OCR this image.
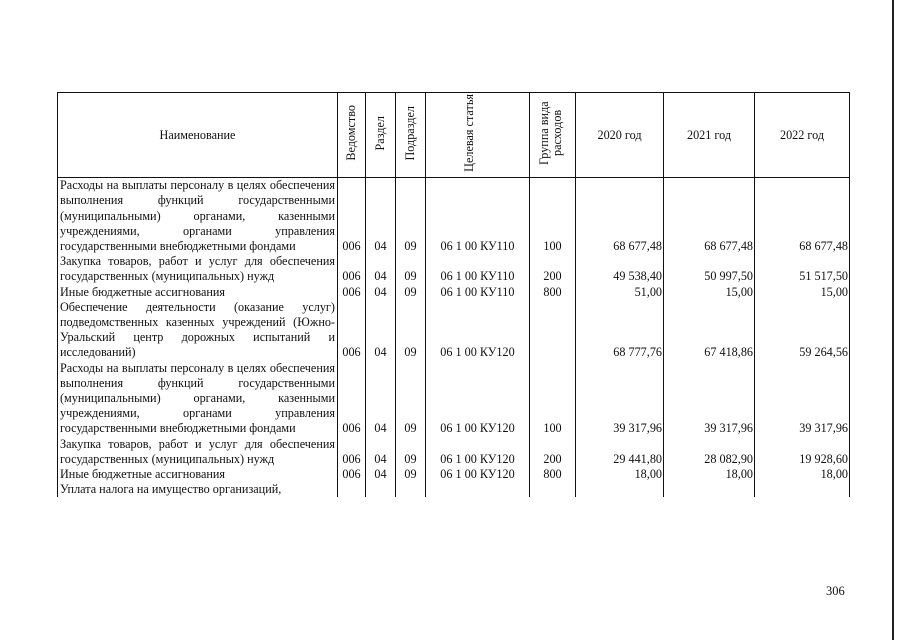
Наименование	Ведомство	Раздел	Подраздел	Целевая статья	Группа вида расходов	2020 год	2021 год	2022 год
Расходы на выплаты персоналу в целях обеспечения выполнения функций государственными (муниципальными) органами, казенными учреждениями, органами управления государственными внебюджетными фондами	006	04	09	06 1 00 КУ110	100	68 677,48	68 677,48	68 677,48
Закупка товаров, работ и услуг для обеспечения государственных (муниципальных) нужд	006	04	09	06 1 00 КУ110	200	49 538,40	50 997,50	51 517,50
Иные бюджетные ассигнования	006	04	09	06 1 00 КУ110	800	51,00	15,00	15,00
Обеспечение деятельности (оказание услуг) подведомственных казенных учреждений (Южно-Уральский центр дорожных испытаний и исследований)	006	04	09	06 1 00 КУ120		68 777,76	67 418,86	59 264,56
Расходы на выплаты персоналу в целях обеспечения выполнения функций государственными (муниципальными) органами, казенными учреждениями, органами управления государственными внебюджетными фондами	006	04	09	06 1 00 КУ120	100	39 317,96	39 317,96	39 317,96
Закупка товаров, работ и услуг для обеспечения государственных (муниципальных) нужд	006	04	09	06 1 00 КУ120	200	29 441,80	28 082,90	19 928,60
Иные бюджетные ассигнования	006	04	09	06 1 00 КУ120	800	18,00	18,00	18,00
Уплата налога на имущество организаций,								
306
